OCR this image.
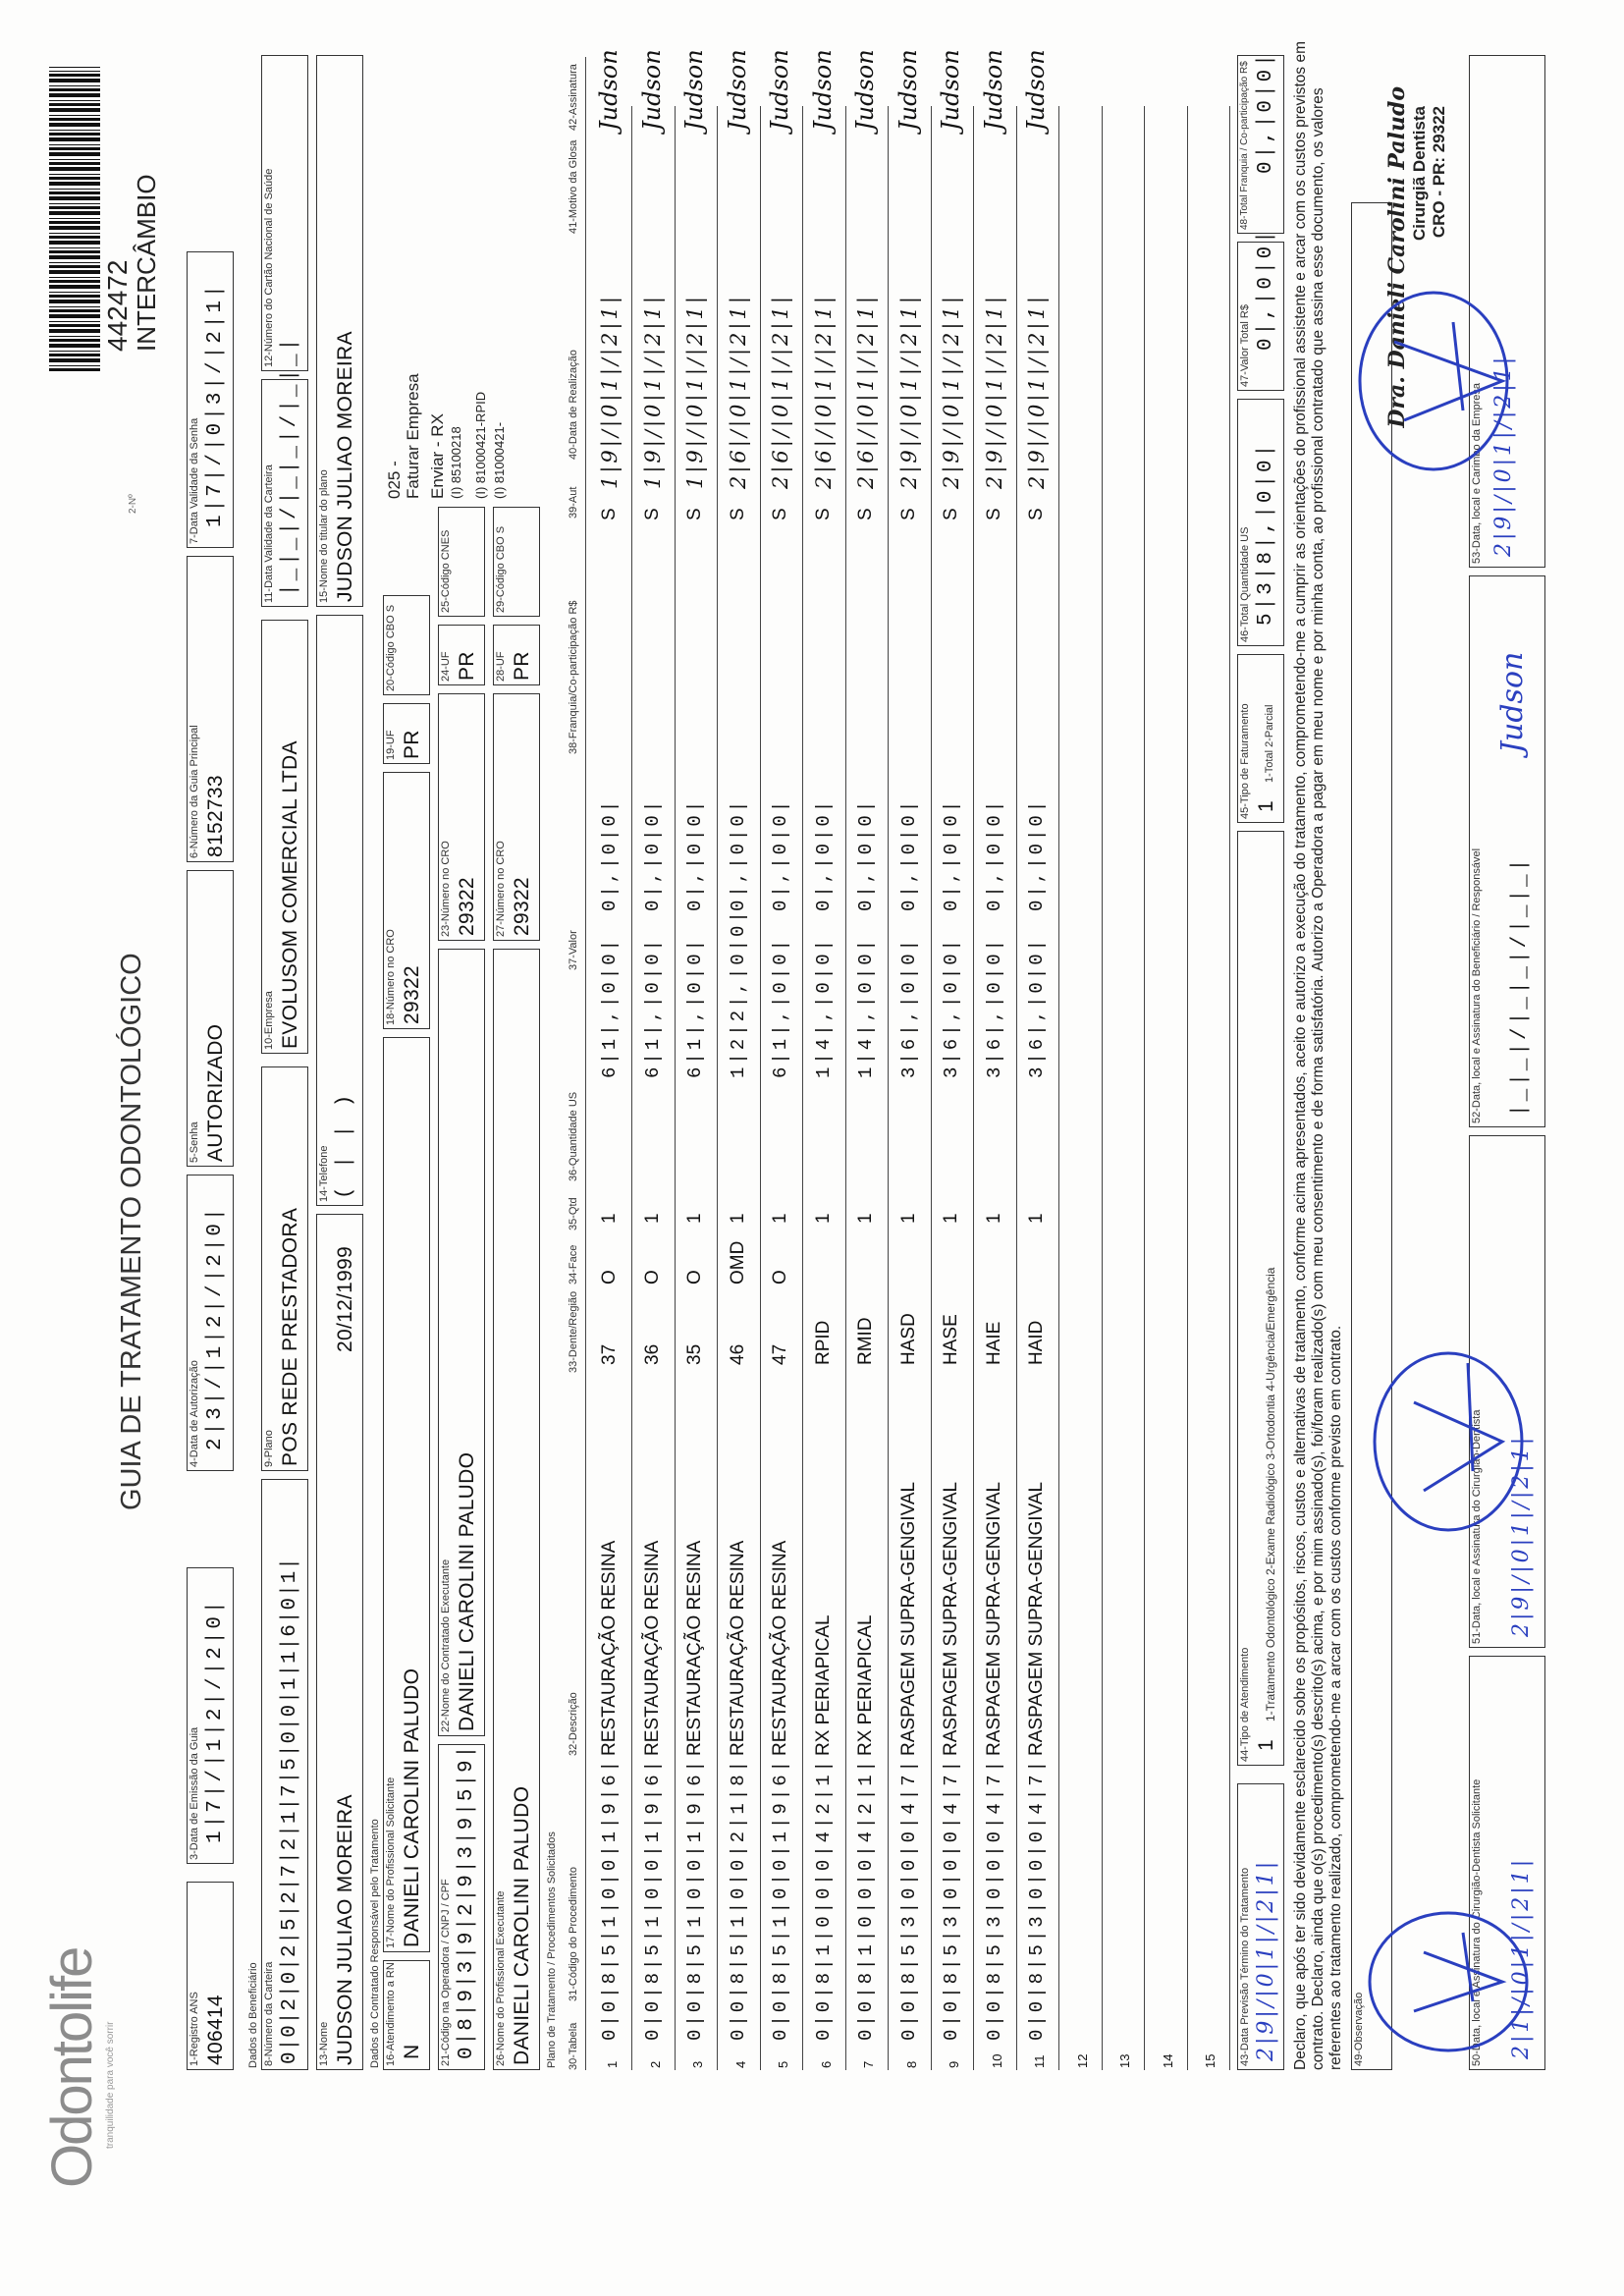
Odontolife tranquilidade para você sorrir
GUIA DE TRATAMENTO ODONTOLÓGICO
2-Nº
442472 INTERCÂMBIO
1-Registro ANS 406414
3-Data de Emissão da Guia 1|7|/|1|2|/|2|0|
4-Data de Autorização 2|3|/|1|2|/|2|0|
5-Senha AUTORIZADO
6-Número da Guia Principal 8152733
7-Data Validade da Senha 1|7|/|0|3|/|2|1|
Dados do Beneficiário 8-Número da Carteira 0|0|2|0|2|5|2|7|2|1|7|5|0|0|1|1|6|0|1|
9-Plano POS REDE PRESTADORA
10-Empresa EVOLUSOM COMERCIAL LTDA
11-Data Validade da Carteira |_|_|/|_|_|/|_|_|
12-Número do Cartão Nacional de Saúde
13-Nome JUDSON JULIAO MOREIRA
20/12/1999
14-Telefone ( | | )
15-Nome do titular do plano JUDSON JULIAO MOREIRA
Dados do Contratado Responsável pelo Tratamento 16-Atendimento a RN N
17-Nome do Profissional Solicitante DANIELI CAROLINI PALUDO
18-Número no CRO 29322
19-UF PR
20-Código CBO S
21-Código na Operadora / CNPJ / CPF 0|8|9|3|9|2|9|3|9|5|9|
22-Nome do Contratado Executante DANIELI CAROLINI PALUDO
23-Número no CRO 29322
24-UF PR
25-Código CNES
26-Nome do Profissional Executante DANIELI CAROLINI PALUDO
27-Número no CRO 29322
28-UF PR
29-Código CBO S
025 - Faturar Empresa Enviar - RX (I) 85100218 (I) 81000421-RPID (I) 81000421-
Plano de Tratamento / Procedimentos Solicitados 30-Tabela
31-Código do Procedimento
32-Descrição
33-Dente/Região
34-Face
35-Qtd
36-Quantidade US
37-Valor
38-Franquia/Co-participação R$
39-Aut
40-Data de Realização
41-Motivo da Glosa
42-Assinatura
1
0|0|8|5|1|0|0|1|9|6|
RESTAURAÇÃO RESINA
37
O
1
6|1|,|0|0|
0|,|0|0|
S
1|9|/|0|1|/|2|1|
Judson
2
0|0|8|5|1|0|0|1|9|6|
RESTAURAÇÃO RESINA
36
O
1
6|1|,|0|0|
0|,|0|0|
S
1|9|/|0|1|/|2|1|
Judson
3
0|0|8|5|1|0|0|1|9|6|
RESTAURAÇÃO RESINA
35
O
1
6|1|,|0|0|
0|,|0|0|
S
1|9|/|0|1|/|2|1|
Judson
4
0|0|8|5|1|0|0|2|1|8|
RESTAURAÇÃO RESINA
46
OMD
1
1|2|2|,|0|0|
0|,|0|0|
S
2|6|/|0|1|/|2|1|
Judson
5
0|0|8|5|1|0|0|1|9|6|
RESTAURAÇÃO RESINA
47
O
1
6|1|,|0|0|
0|,|0|0|
S
2|6|/|0|1|/|2|1|
Judson
6
0|0|8|1|0|0|0|4|2|1|
RX PERIAPICAL
RPID
1
1|4|,|0|0|
0|,|0|0|
S
2|6|/|0|1|/|2|1|
Judson
7
0|0|8|1|0|0|0|4|2|1|
RX PERIAPICAL
RMID
1
1|4|,|0|0|
0|,|0|0|
S
2|6|/|0|1|/|2|1|
Judson
8
0|0|8|5|3|0|0|0|4|7|
RASPAGEM SUPRA-GENGIVAL
HASD
1
3|6|,|0|0|
0|,|0|0|
S
2|9|/|0|1|/|2|1|
Judson
9
0|0|8|5|3|0|0|0|4|7|
RASPAGEM SUPRA-GENGIVAL
HASE
1
3|6|,|0|0|
0|,|0|0|
S
2|9|/|0|1|/|2|1|
Judson
10
0|0|8|5|3|0|0|0|4|7|
RASPAGEM SUPRA-GENGIVAL
HAIE
1
3|6|,|0|0|
0|,|0|0|
S
2|9|/|0|1|/|2|1|
Judson
11
0|0|8|5|3|0|0|0|4|7|
RASPAGEM SUPRA-GENGIVAL
HAID
1
3|6|,|0|0|
0|,|0|0|
S
2|9|/|0|1|/|2|1|
Judson
12 13 14 15 43-Data Previsão Término do Tratamento 2|9|/|0|1|/|2|1|
44-Tipo de Atendimento 1
1-Tratamento Odontológico 2-Exame Radiológico 3-Ortodontia 4-Urgência/Emergência
45-Tipo de Faturamento 1
1-Total 2-Parcial
46-Total Quantidade US 5|3|8|,|0|0|
47-Valor Total R$ 0|,|0|0|
48-Total Franquia / Co-participação R$ 0|,|0|0| Declaro, que após ter sido devidamente esclarecido sobre os propósitos, riscos, custos e alternativas de tratamento, conforme acima apresentados, aceito e autorizo a execução do tratamento, comprometendo-me a cumprir as orientações do profissional assistente e arcar com os custos previstos em contrato. Declaro, ainda que o(s) procedimento(s) descrito(s) acima, e por mim assinado(s), foi/foram realizado(s) com meu consentimento e de forma satisfatória. Autorizo a Operadora a pagar em meu nome e por minha conta, ao profissional contratado que assina esse documento, os valores referentes ao tratamento realizado, comprometendo-me a arcar com os custos conforme previsto em contrato. 49-Observação
Dra. Danieli Carolini Paludo Cirurgiã Dentista CRO - PR: 29322
50-Data, local e Assinatura do Cirurgião-Dentista Solicitante 2|1|/|0|1|/|2|1|
51-Data, local e Assinatura do Cirurgião-Dentista 2|9|/|0|1|/|2|1|
52-Data, local e Assinatura do Beneficiário / Responsável |_|_|/|_|_|/|_|_|
Judson
53-Data, local e Carimbo da Empresa 2|9|/|0|1|/|2|1|
